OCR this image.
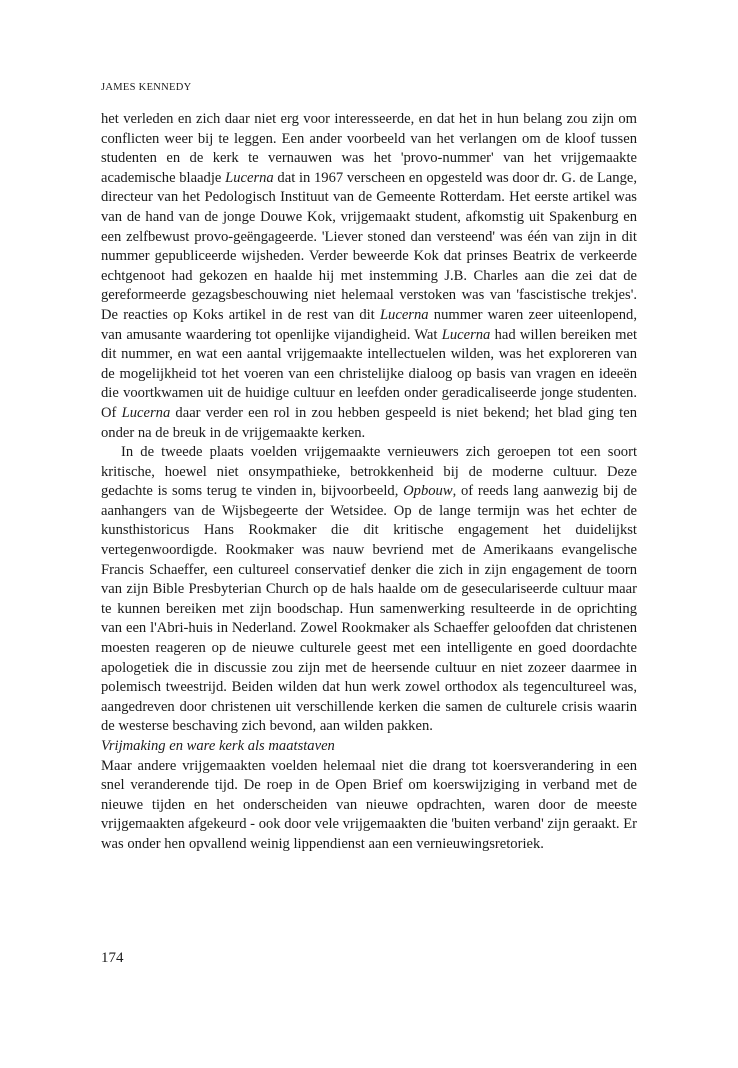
JAMES KENNEDY

het verleden en zich daar niet erg voor interesseerde, en dat het in hun belang zou zijn om conflicten weer bij te leggen. Een ander voorbeeld van het verlangen om de kloof tussen studenten en de kerk te vernauwen was het 'provo-nummer' van het vrijgemaakte academische blaadje Lucerna dat in 1967 verscheen en opgesteld was door dr. G. de Lange, directeur van het Pedologisch Instituut van de Gemeente Rotterdam. Het eerste artikel was van de hand van de jonge Douwe Kok, vrijgemaakt student, afkomstig uit Spakenburg en een zelfbewust provo-geëngageerde. 'Liever stoned dan versteend' was één van zijn in dit nummer gepubliceerde wijsheden. Verder beweerde Kok dat prinses Beatrix de verkeerde echtgenoot had gekozen en haalde hij met instemming J.B. Charles aan die zei dat de gereformeerde gezagsbeschouwing niet helemaal verstoken was van 'fascistische trekjes'. De reacties op Koks artikel in de rest van dit Lucerna nummer waren zeer uiteenlopend, van amusante waardering tot openlijke vijandigheid. Wat Lucerna had willen bereiken met dit nummer, en wat een aantal vrijgemaakte intellectuelen wilden, was het exploreren van de mogelijkheid tot het voeren van een christelijke dialoog op basis van vragen en ideeën die voortkwamen uit de huidige cultuur en leefden onder geradicaliseerde jonge studenten. Of Lucerna daar verder een rol in zou hebben gespeeld is niet bekend; het blad ging ten onder na de breuk in de vrijgemaakte kerken.

In de tweede plaats voelden vrijgemaakte vernieuwers zich geroepen tot een soort kritische, hoewel niet onsympathieke, betrokkenheid bij de moderne cultuur. Deze gedachte is soms terug te vinden in, bijvoorbeeld, Opbouw, of reeds lang aanwezig bij de aanhangers van de Wijsbegeerte der Wetsidee. Op de lange termijn was het echter de kunsthistoricus Hans Rookmaker die dit kritische engagement het duidelijkst vertegenwoordigde. Rookmaker was nauw bevriend met de Amerikaans evangelische Francis Schaeffer, een cultureel conservatief denker die zich in zijn engagement de toorn van zijn Bible Presbyterian Church op de hals haalde om de geseculariseerde cultuur maar te kunnen bereiken met zijn boodschap. Hun samenwerking resulteerde in de oprichting van een l'Abri-huis in Nederland. Zowel Rookmaker als Schaeffer geloofden dat christenen moesten reageren op de nieuwe culturele geest met een intelligente en goed doordachte apologetiek die in discussie zou zijn met de heersende cultuur en niet zozeer daarmee in polemisch tweestrijd. Beiden wilden dat hun werk zowel orthodox als tegencultureel was, aangedreven door christenen uit verschillende kerken die samen de culturele crisis waarin de westerse beschaving zich bevond, aan wilden pakken.

Vrijmaking en ware kerk als maatstaven

Maar andere vrijgemaakten voelden helemaal niet die drang tot koersverandering in een snel veranderende tijd. De roep in de Open Brief om koerswijziging in verband met de nieuwe tijden en het onderscheiden van nieuwe opdrachten, waren door de meeste vrijgemaakten afgekeurd - ook door vele vrijgemaakten die 'buiten verband' zijn geraakt. Er was onder hen opvallend weinig lippendienst aan een vernieuwingsretoriek.

174
